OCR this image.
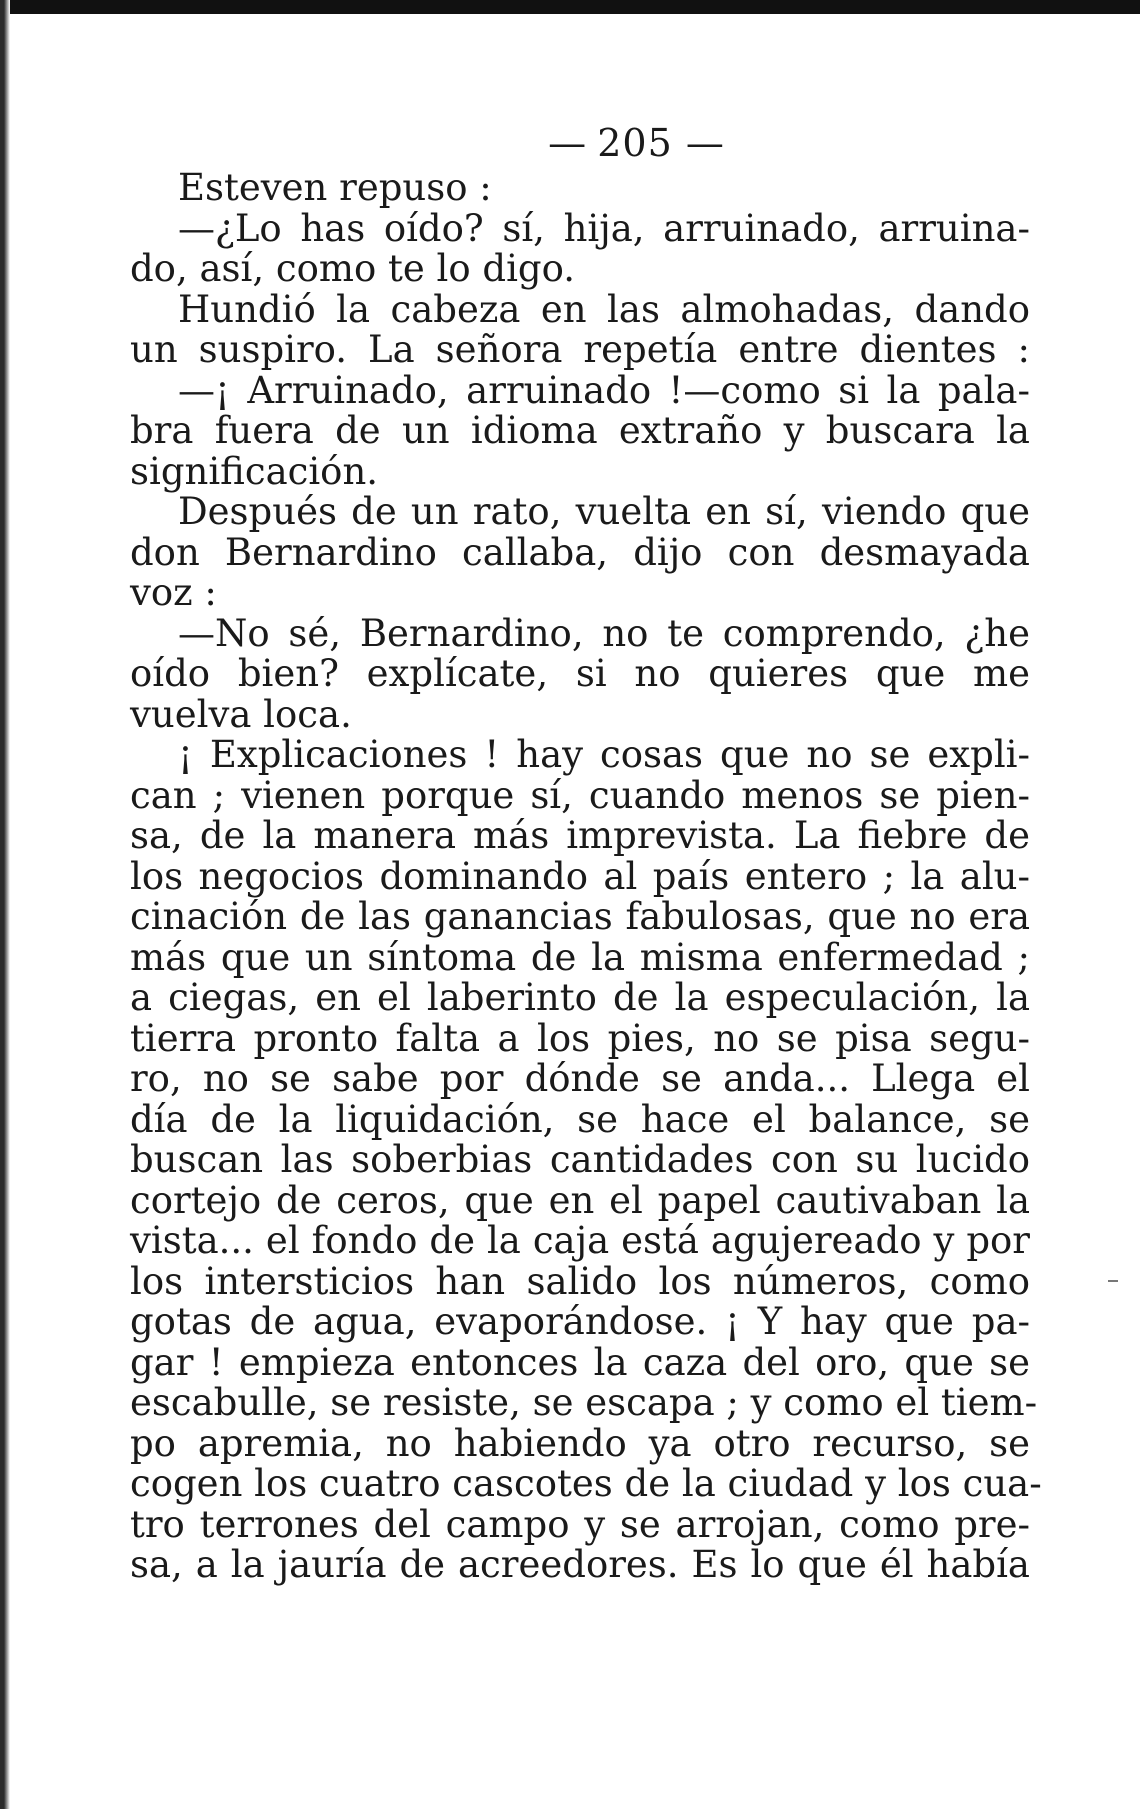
— 205 —
Esteven repuso :
—¿Lo has oído? sí, hija, arruinado, arruina-
do, así, como te lo digo.
Hundió la cabeza en las almohadas, dando
un suspiro. La señora repetía entre dientes :
—¡ Arruinado, arruinado !—como si la pala-
bra fuera de un idioma extraño y buscara la
significación.
Después de un rato, vuelta en sí, viendo que
don Bernardino callaba, dijo con desmayada
voz :
—No sé, Bernardino, no te comprendo, ¿he
oído bien? explícate, si no quieres que me
vuelva loca.
¡ Explicaciones ! hay cosas que no se expli-
can ; vienen porque sí, cuando menos se pien-
sa, de la manera más imprevista. La fiebre de
los negocios dominando al país entero ; la alu-
cinación de las ganancias fabulosas, que no era
más que un síntoma de la misma enfermedad ;
a ciegas, en el laberinto de la especulación, la
tierra pronto falta a los pies, no se pisa segu-
ro, no se sabe por dónde se anda... Llega el
día de la liquidación, se hace el balance, se
buscan las soberbias cantidades con su lucido
cortejo de ceros, que en el papel cautivaban la
vista... el fondo de la caja está agujereado y por
los intersticios han salido los números, como
gotas de agua, evaporándose. ¡ Y hay que pa-
gar ! empieza entonces la caza del oro, que se
escabulle, se resiste, se escapa ; y como el tiem-
po apremia, no habiendo ya otro recurso, se
cogen los cuatro cascotes de la ciudad y los cua-
tro terrones del campo y se arrojan, como pre-
sa, a la jauría de acreedores. Es lo que él había
